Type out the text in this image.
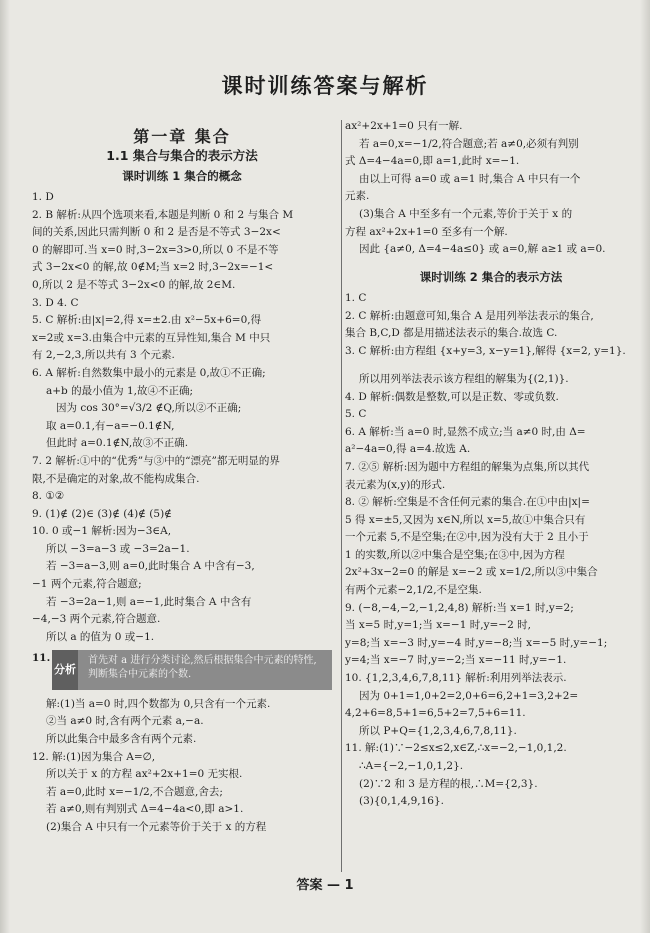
课时训练答案与解析
第一章 集合
1.1 集合与集合的表示方法
课时训练 1 集合的概念
1. D
2. B 解析:从四个选项来看,本题是判断 0 和 2 与集合 M
间的关系,因此只需判断 0 和 2 是否是不等式 3−2x<
0 的解即可.当 x=0 时,3−2x=3>0,所以 0 不是不等
式 3−2x<0 的解,故 0∉M;当 x=2 时,3−2x=−1<
0,所以 2 是不等式 3−2x<0 的解,故 2∈M.
3. D 4. C
5. C 解析:由|x|=2,得 x=±2.由 x²−5x+6=0,得
x=2或 x=3.由集合中元素的互异性知,集合 M 中只
有 2,−2,3,所以共有 3 个元素.
6. A 解析:自然数集中最小的元素是 0,故①不正确;
a+b 的最小值为 1,故④不正确;
因为 cos 30°=√3/2 ∉Q,所以②不正确;
取 a=0.1,有−a=−0.1∉N,
但此时 a=0.1∉N,故③不正确.
7. 2 解析:①中的“优秀”与③中的“漂亮”都无明显的界
限,不是确定的对象,故不能构成集合.
8. ①②
9. (1)∉ (2)∈ (3)∉ (4)∉ (5)∉
10. 0 或−1 解析:因为−3∈A,
所以 −3=a−3 或 −3=2a−1.
若 −3=a−3,则 a=0,此时集合 A 中含有−3,
−1 两个元素,符合题意;
若 −3=2a−1,则 a=−1,此时集合 A 中含有
−4,−3 两个元素,符合题意.
所以 a 的值为 0 或−1.
11.
分析
首先对 a 进行分类讨论,然后根据集合中元素的特性,判断集合中元素的个数.
解:(1)当 a=0 时,四个数都为 0,只含有一个元素.
②当 a≠0 时,含有两个元素 a,−a.
所以此集合中最多含有两个元素.
12. 解:(1)因为集合 A=∅,
所以关于 x 的方程 ax²+2x+1=0 无实根.
若 a=0,此时 x=−1/2,不合题意,舍去;
若 a≠0,则有判别式 Δ=4−4a<0,即 a>1.
(2)集合 A 中只有一个元素等价于关于 x 的方程
ax²+2x+1=0 只有一解.
若 a=0,x=−1/2,符合题意;若 a≠0,必须有判别
式 Δ=4−4a=0,即 a=1,此时 x=−1.
由以上可得 a=0 或 a=1 时,集合 A 中只有一个
元素.
(3)集合 A 中至多有一个元素,等价于关于 x 的
方程 ax²+2x+1=0 至多有一个解.
因此 {a≠0, Δ=4−4a≤0} 或 a=0,解 a≥1 或 a=0.
课时训练 2 集合的表示方法
1. C
2. C 解析:由题意可知,集合 A 是用列举法表示的集合,
集合 B,C,D 都是用描述法表示的集合.故选 C.
3. C 解析:由方程组 {x+y=3, x−y=1},解得 {x=2, y=1}.
所以用列举法表示该方程组的解集为{(2,1)}.
4. D 解析:偶数是整数,可以是正数、零或负数.
5. C
6. A 解析:当 a=0 时,显然不成立;当 a≠0 时,由 Δ=
a²−4a=0,得 a=4.故选 A.
7. ②⑤ 解析:因为题中方程组的解集为点集,所以其代
表元素为(x,y)的形式.
8. ② 解析:空集是不含任何元素的集合.在①中由|x|=
5 得 x=±5,又因为 x∈N,所以 x=5,故①中集合只有
一个元素 5,不是空集;在②中,因为没有大于 2 且小于
1 的实数,所以②中集合是空集;在③中,因为方程
2x²+3x−2=0 的解是 x=−2 或 x=1/2,所以③中集合
有两个元素−2,1/2,不是空集.
9. (−8,−4,−2,−1,2,4,8) 解析:当 x=1 时,y=2;
当 x=5 时,y=1;当 x=−1 时,y=−2 时,
y=8;当 x=−3 时,y=−4 时,y=−8;当 x=−5 时,y=−1;
y=4;当 x=−7 时,y=−2;当 x=−11 时,y=−1.
10. {1,2,3,4,6,7,8,11} 解析:利用列举法表示.
因为 0+1=1,0+2=2,0+6=6,2+1=3,2+2=
4,2+6=8,5+1=6,5+2=7,5+6=11.
所以 P+Q={1,2,3,4,6,7,8,11}.
11. 解:(1)∵−2≤x≤2,x∈Z,∴x=−2,−1,0,1,2.
∴A={−2,−1,0,1,2}.
(2)∵2 和 3 是方程的根,∴M={2,3}.
(3){0,1,4,9,16}.
答案 — 1
